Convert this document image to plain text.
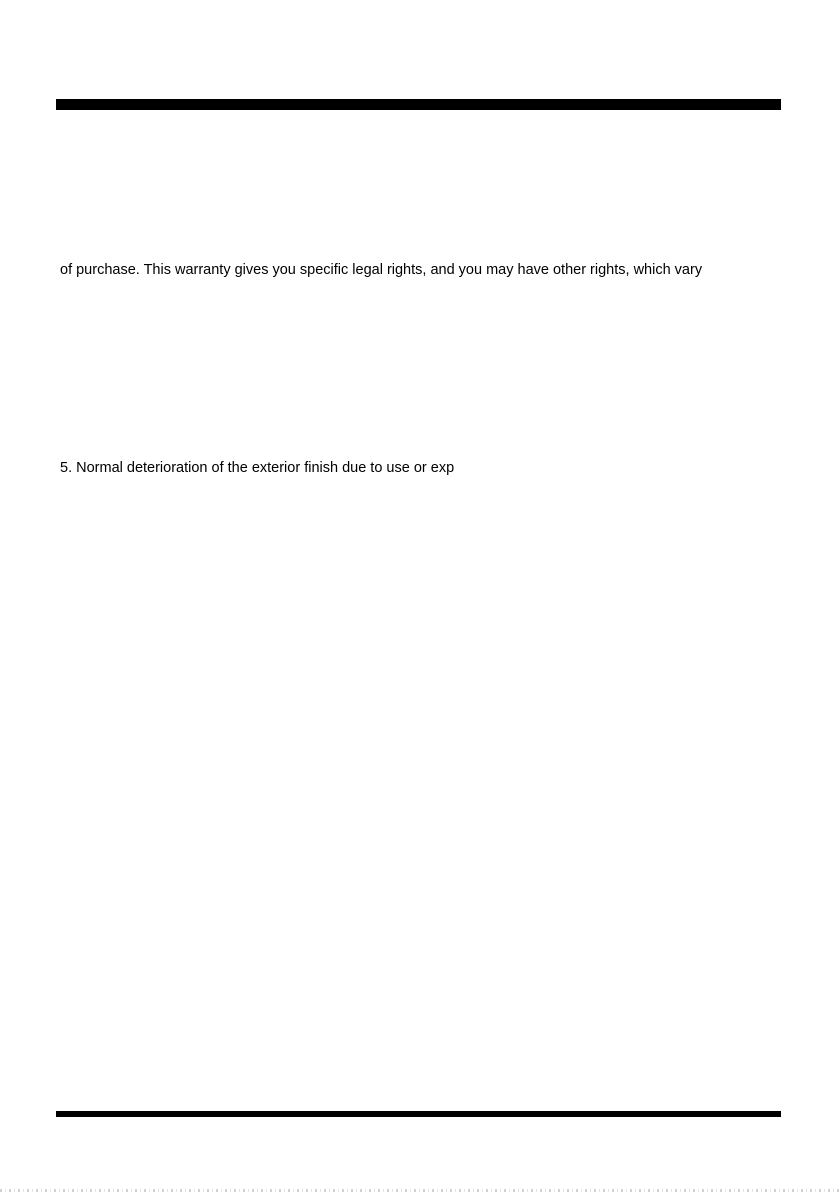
of purchase. This warranty gives you specific legal rights, and you may have other rights, which vary
5. Normal deterioration of the exterior finish due to use or exp
